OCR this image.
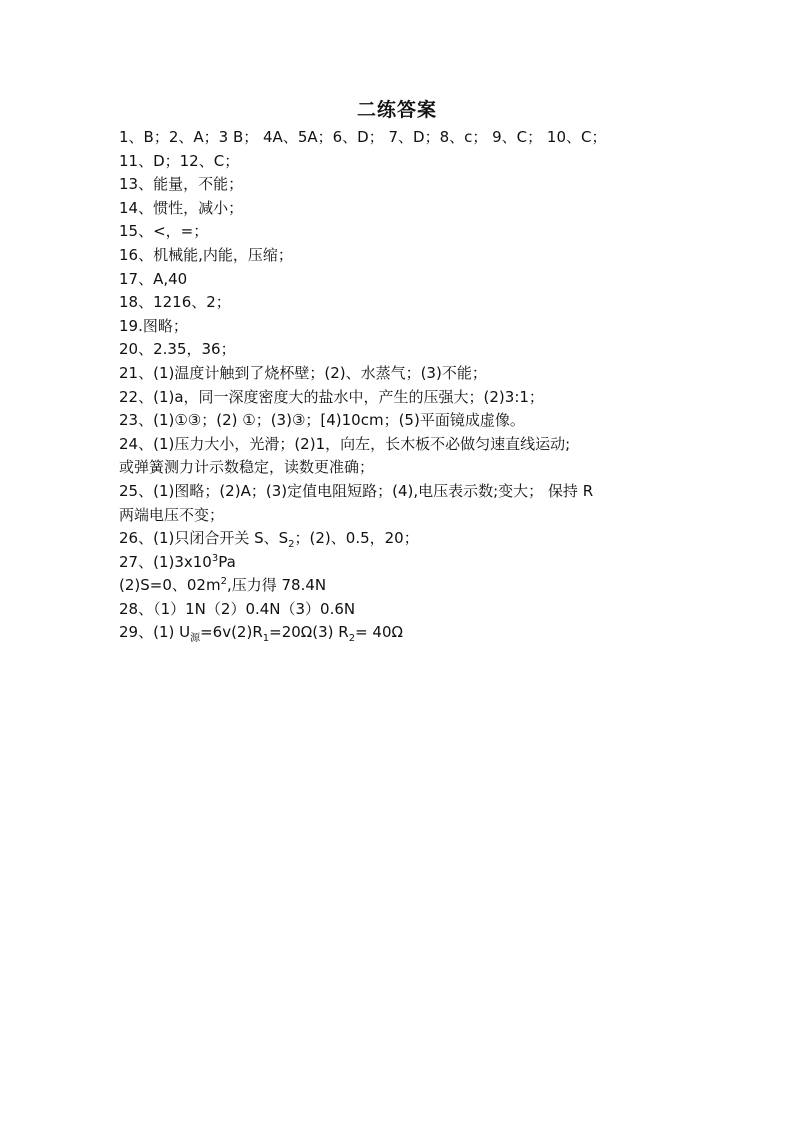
二练答案
1、B；2、A；3 B； 4A、5A；6、D； 7、D；8、c； 9、C； 10、C；
11、D；12、C；
13、能量，不能；
14、惯性，减小；
15、<，=；
16、机械能,内能，压缩；
17、A,40
18、1216、2；
19.图略；
20、2.35，36；
21、(1)温度计触到了烧杯壁；(2)、水蒸气；(3)不能；
22、(1)a，同一深度密度大的盐水中，产生的压强大；(2)3:1；
23、(1)①③；(2) ①；(3)③；[4)10cm；(5)平面镜成虚像。
24、(1)压力大小，光滑；(2)1，向左，长木板不必做匀速直线运动;
或弹簧测力计示数稳定，读数更准确；
25、(1)图略；(2)A；(3)定值电阻短路；(4),电压表示数;变大； 保持 R
两端电压不变；
26、(1)只闭合开关 S、$S_2$；(2)、0.5，20；
27、$(1)3x10^3Pa$
(2)S=0、$02m^2$,压力得 78.4N
28、（1）1N（2）0.4N（3）0.6N
29、(1) $U_源=6v(2)R_1=20\Omega(3)$ $R_2= 40\Omega$
